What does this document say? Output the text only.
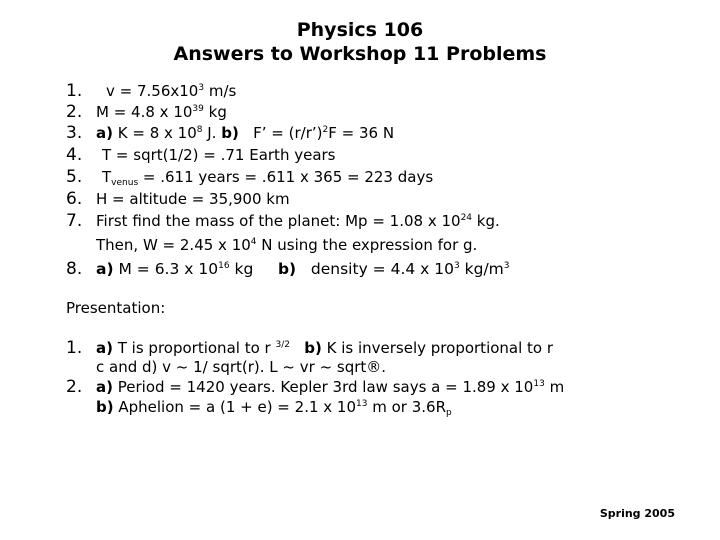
Physics 106
Answers to Workshop 11 Problems
1. $v = 7.56x10^3$ m/s
2. M = 4.8 x $10^{39}$ kg
3. a) K = 8 x $10^8$ J. b) F’ = (r/r’)$^2$F = 36 N
4. T = sqrt(1/2) = .71 Earth years
5. $T_{venus} = .611$ years = .611 x 365 = 223 days
6. H = altitude = 35,900 km
7. First find the mass of the planet: Mp = 1.08 x $10^{24}$ kg.
Then, W = 2.45 x $10^4$ N using the expression for g.
8. a) M = 6.3 x $10^{16}$ kg     b)   density = 4.4 x $10^3$ $kg/m^3$
Presentation:
1. a) T is proportional to r $^{3/2}$ b) K is inversely proportional to r
c and d) v ~ 1/ sqrt(r). L ~ vr ~ sqrt®.
2. a) Period = 1420 years. Kepler 3rd law says a = 1.89 x $10^{13}$ m
b) Aphelion = a (1 + e) = 2.1 x $10^{13}$ m or $3.6R_p$
Spring 2005
